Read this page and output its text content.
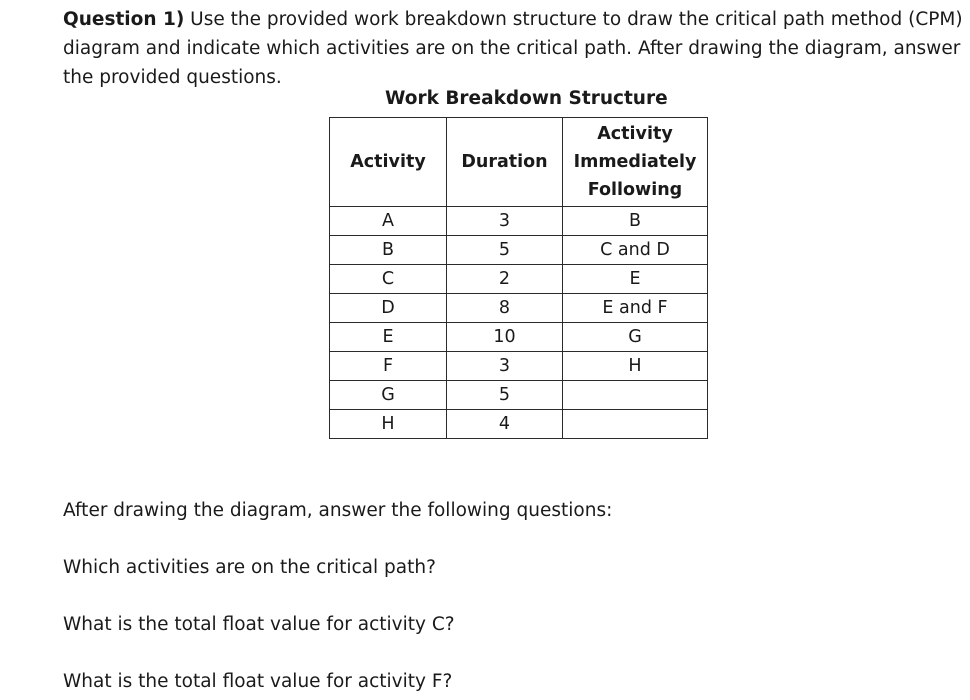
Question 1) Use the provided work breakdown structure to draw the critical path method (CPM) diagram and indicate which activities are on the critical path. After drawing the diagram, answer the provided questions.

Work Breakdown Structure

Activity	Duration	Activity Immediately Following
A	3	B
B	5	C and D
C	2	E
D	8	E and F
E	10	G
F	3	H
G	5	
H	4	

After drawing the diagram, answer the following questions:

Which activities are on the critical path?

What is the total float value for activity C?

What is the total float value for activity F?
